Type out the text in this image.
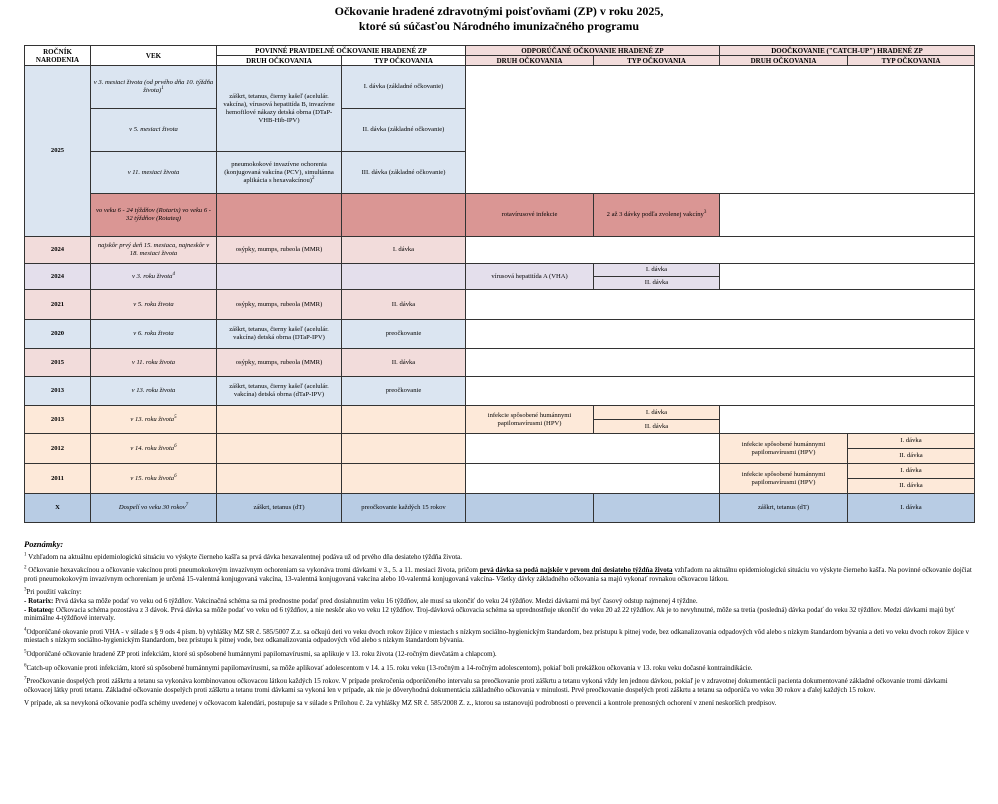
Očkovanie hradené zdravotnými poisťovňami (ZP) v roku 2025,
ktoré sú súčasťou Národného imunizačného programu
ROČNÍK NARODENIA	VEK	POVINNÉ PRAVIDELNÉ OČKOVANIE HRADENÉ ZP		ODPORÚČANÉ OČKOVANIE HRADENÉ ZP		DOOČKOVANIE ("CATCH-UP") HRADENÉ ZP	
		DRUH OČKOVANIA	TYP OČKOVANIA	DRUH OČKOVANIA	TYP OČKOVANIA	DRUH OČKOVANIA	TYP OČKOVANIA
2025	v 3. mesiaci života (od prvého dňa 10. týždňa života)$^1$	záškrt, tetanus, čierny kašeľ (acelulár. vakcína), vírusová hepatitída B, invazívne hemofilové nákazy detská obrna (DTaP-VHB-Hib-IPV)	I. dávka (základné očkovanie)				
	v 5. mesiaci života		II. dávka (základné očkovanie)				
	v 11. mesiaci života	pneumokokové invazívne ochorenia (konjugovaná vakcína (PCV), simultánna aplikácia s hexavakcínou)$^2$	III. dávka (základné očkovanie)				
	vo veku 6 - 24 týždňov (Rotarix) vo veku 6 - 32 týždňov (Rotateq)			rotavírusové infekcie	2 až 3 dávky podľa zvolenej vakcíny$^3$	
2024	najskôr prvý deň 15. mesiaca, najneskôr v 18. mesiaci života	osýpky, mumps, rubeola (MMR)	I. dávka				
2024	v 3. roku života$^4$			vírusová hepatitída A (VHA)	I. dávka		
					II. dávka		
2021	v 5. roku života	osýpky, mumps, rubeola (MMR)	II. dávka				
2020	v 6. roku života	záškrt, tetanus, čierny kašeľ (acelulár. vakcína) detská obrna (DTaP-IPV)	preočkovanie				
2015	v 11. roku života	osýpky, mumps, rubeola (MMR)	II. dávka				
2013	v 13. roku života	záškrt, tetanus, čierny kašeľ (acelulár. vakcína) detská obrna (dTaP-IPV)	preočkovanie				
2013	v 13. roku života$^5$			infekcie spôsobené humánnymi papilomavírusmi (HPV)	I. dávka		
					II. dávka		
2012	v 14. roku života$^6$					infekcie spôsobené humánnymi papilomavírusmi (HPV)	I. dávka
							II. dávka
2011	v 15. roku života$^6$					infekcie spôsobené humánnymi papilomavírusmi (HPV)	I. dávka
							II. dávka
X	Dospelí vo veku 30 rokov$^7$	záškrt, tetanus (dT)	preočkovanie každých 15 rokov			záškrt, tetanus (dT)	I. dávka
Poznámky:

$^1$ Vzhľadom na aktuálnu epidemiologickú situáciu vo výskyte čierneho kašľa sa prvá dávka hexavalentnej podáva už od prvého dňa desiateho týždňa života.

$^2$ Očkovanie hexavakcínou a očkovanie vakcínou proti pneumokokovým invazívnym ochoreniam sa vykonáva tromi dávkami v 3., 5. a 11. mesiaci života, pričom prvá dávka sa podá najskôr v prvom dni desiateho týždňa života vzhľadom na aktuálnu epidemiologickú situáciu vo výskyte čierneho kašľa. Na povinné očkovanie dojčiat proti pneumokokovým invazívnym ochoreniam je určená 15-valentná konjugovaná vakcína, 13-valentná konjugovaná vakcína alebo 10-valentná konjugovaná vakcína- Všetky dávky základného očkovania sa majú vykonať rovnakou očkovacou látkou.

$^3$Pri použití vakcíny:
- Rotarix: Prvá dávka sa môže podať vo veku od 6 týždňov. Vakcinačná schéma sa má prednostne podať pred dosiahnutím veku 16 týždňov, ale musí sa ukončiť do veku 24 týždňov. Medzi dávkami má byť časový odstup najmenej 4 týždne.
- Rotateq: Očkovacia schéma pozostáva z 3 dávok. Prvá dávka sa môže podať vo veku od 6 týždňov, a nie neskôr ako vo veku 12 týždňov. Troj-dávková očkovacia schéma sa uprednostňuje ukončiť do veku 20 až 22 týždňov. Ak je to nevyhnutné, môže sa tretia (posledná) dávka podať do veku 32 týždňov. Medzi dávkami majú byť minimálne 4-týždňové intervaly.

$^4$Odporúčané okovanie proti VHA - v súlade s § 9 ods 4 písm. b) vyhlášky MZ SR č. 585/5007 Z.z. sa očkujú deti vo veku dvoch rokov žijúce v miestach s nízkym sociálno-hygienickým štandardom, bez prístupu k pitnej vode, bez odkanalizovania odpadových vôd alebo s nízkym štandardom bývania a deti vo veku dvoch rokov žijúce v miestach s nízkym sociálno-hygienickým štandardom, bez prístupu k pitnej vode, bez odkanalizovania odpadových vôd alebo s nízkym štandardom bývania.

$^5$Odporúčané očkovanie hradené ZP proti infekciám, ktoré sú spôsobené humánnymi papilomavírusmi, sa aplikuje v 13. roku života (12-ročným dievčatám a chlapcom).

$^6$Catch-up očkovanie proti infekciám, ktoré sú spôsobené humánnymi papilomavírusmi, sa môže aplikovať adolescentom v 14. a 15. roku veku (13-ročným a 14-ročným adolescentom), pokiaľ boli prekážkou očkovania v 13. roku veku dočasné kontraindikácie.

$^7$Preočkovanie dospelých proti záškrtu a tetanu sa vykonáva kombinovanou očkovacou látkou každých 15 rokov. V prípade prekročenia odporúčeného intervalu sa preočkovanie proti záškrtu a tetanu vykoná vždy len jednou dávkou, pokiaľ je v zdravotnej dokumentácii pacienta dokumentované základné očkovanie tromi dávkami očkovacej látky proti tetanu. Základné očkovanie dospelých proti záškrtu a tetanu tromi dávkami sa vykoná len v prípade, ak nie je dôveryhodná dokumentácia základného očkovania v minulosti. Prvé preočkovanie dospelých proti záškrtu a tetanu sa odporúča vo veku 30 rokov a ďalej každých 15 rokov.

V prípade, ak sa nevykoná očkovanie podľa schémy uvedenej v očkovacom kalendári, postupuje sa v súlade s Prílohou č. 2a vyhlášky MZ SR č. 585/2008 Z. z., ktorou sa ustanovujú podrobnosti o prevencii a kontrole prenosných ochorení v znení neskorších predpisov.
